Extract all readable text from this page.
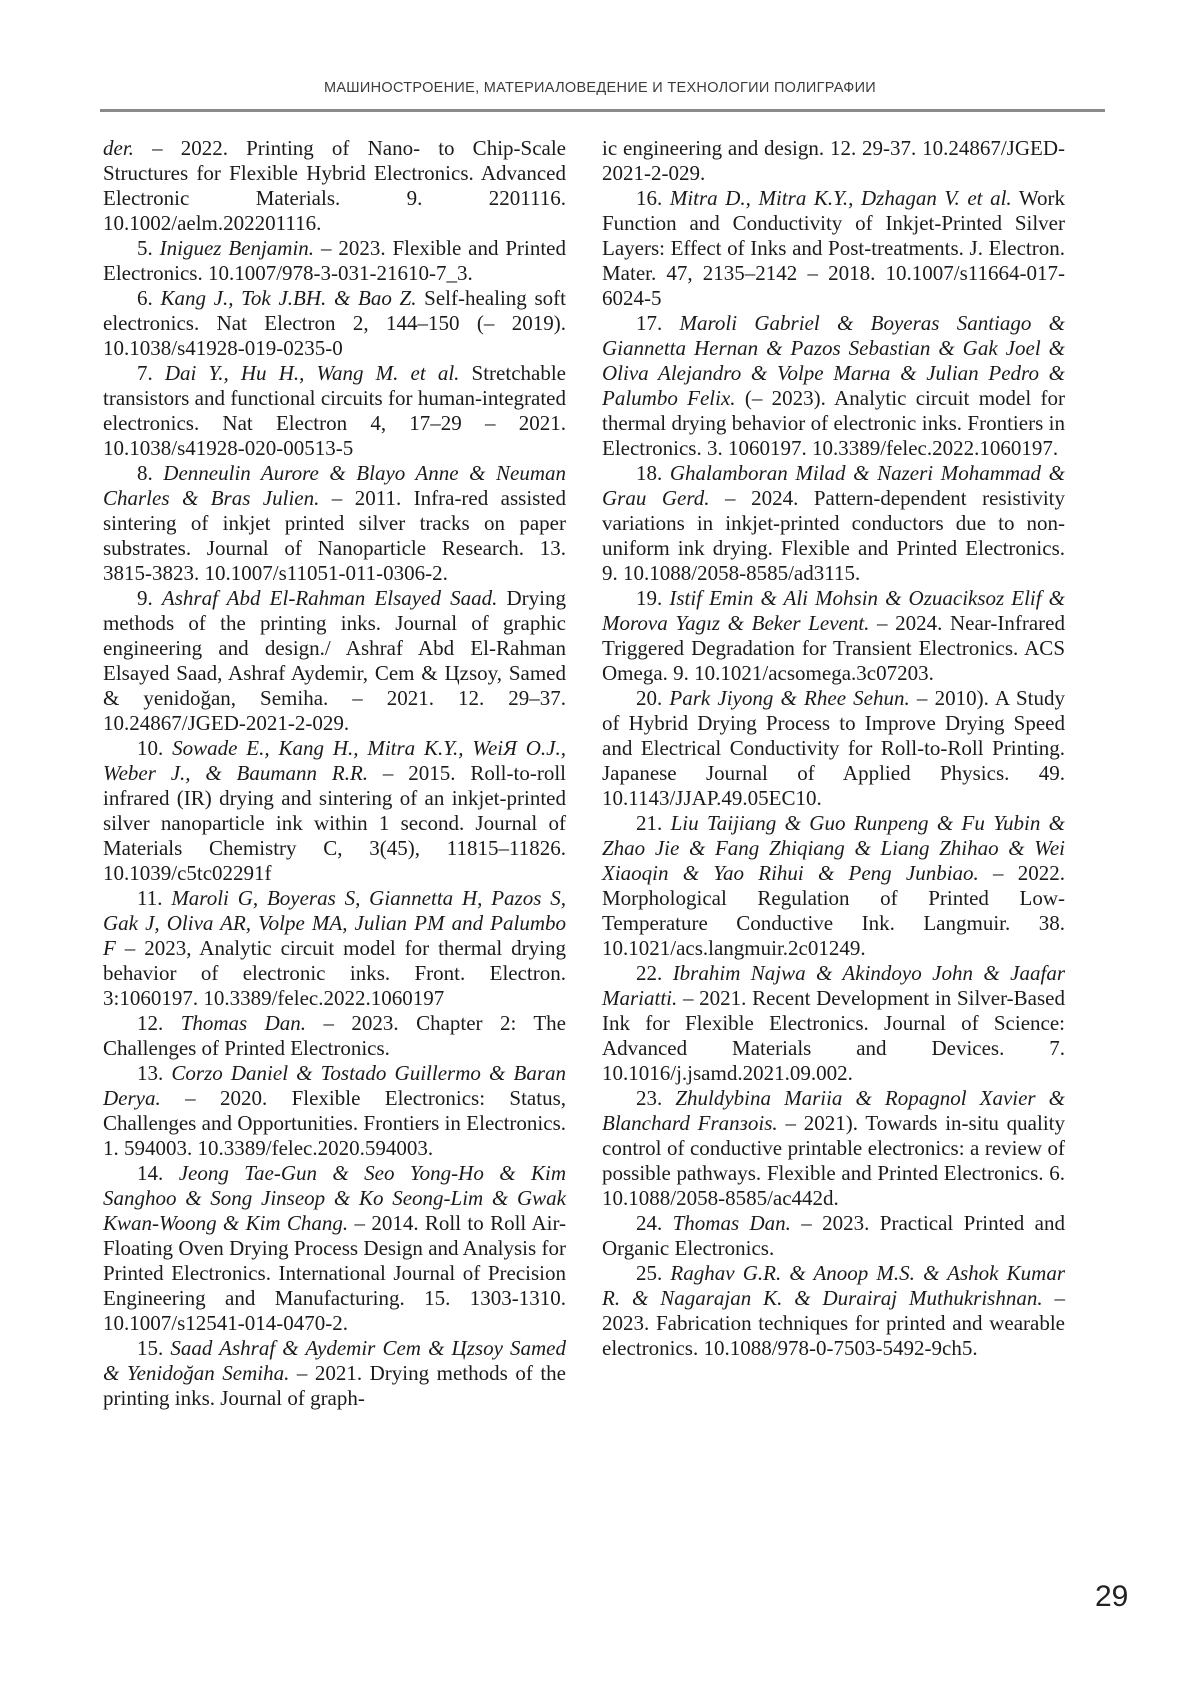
МАШИНОСТРОЕНИЕ, МАТЕРИАЛОВЕДЕНИЕ И ТЕХНОЛОГИИ ПОЛИГРАФИИ

der. – 2022. Printing of Nano- to Chip-Scale Structures for Flexible Hybrid Electronics. Advanced Electronic Materials. 9. 2201116. 10.1002/aelm.202201116.

5. Iniguez Benjamin. – 2023. Flexible and Printed Electronics. 10.1007/978-3-031-21610-7_3.

6. Kang J., Tok J.BH. & Bao Z. Self-healing soft electronics. Nat Electron 2, 144–150 (– 2019). 10.1038/s41928-019-0235-0

7. Dai Y., Hu H., Wang M. et al. Stretchable transistors and functional circuits for human-integrated electronics. Nat Electron 4, 17–29 – 2021. 10.1038/s41928-020-00513-5

8. Denneulin Aurore & Blayo Anne & Neuman Charles & Bras Julien. – 2011. Infra-red assisted sintering of inkjet printed silver tracks on paper substrates. Journal of Nanoparticle Research. 13. 3815-3823. 10.1007/s11051-011-0306-2.

9. Ashraf Abd El-Rahman Elsayed Saad. Drying methods of the printing inks. Journal of graphic engineering and design./ Ashraf Abd El-Rahman Elsayed Saad, Ashraf Aydemir, Cem & Цzsoy, Samed & yenidoğan, Semiha. – 2021. 12. 29–37. 10.24867/JGED-2021-2-029.

10. Sowade E., Kang H., Mitra K.Y., WeiЯ O.J., Weber J., & Baumann R.R. – 2015. Roll-to-roll infrared (IR) drying and sintering of an inkjet-printed silver nanoparticle ink within 1 second. Journal of Materials Chemistry C, 3(45), 11815–11826. 10.1039/c5tc02291f

11. Maroli G, Boyeras S, Giannetta H, Pazos S, Gak J, Oliva AR, Volpe MA, Julian PM and Palumbo F – 2023, Analytic circuit model for thermal drying behavior of electronic inks. Front. Electron. 3:1060197. 10.3389/felec.2022.1060197

12. Thomas Dan. – 2023. Chapter 2: The Challenges of Printed Electronics.

13. Corzo Daniel & Tostado Guillermo & Baran Derya. – 2020. Flexible Electronics: Status, Challenges and Opportunities. Frontiers in Electronics. 1. 594003. 10.3389/felec.2020.594003.

14. Jeong Tae-Gun & Seo Yong-Ho & Kim Sanghoo & Song Jinseop & Ko Seong-Lim & Gwak Kwan-Woong & Kim Chang. – 2014. Roll to Roll Air-Floating Oven Drying Process Design and Analysis for Printed Electronics. International Journal of Precision Engineering and Manufacturing. 15. 1303-1310. 10.1007/s12541-014-0470-2.

15. Saad Ashraf & Aydemir Cem & Цzsoy Samed & Yenidoğan Semiha. – 2021. Drying methods of the printing inks. Journal of graph-

ic engineering and design. 12. 29-37. 10.24867/JGED-2021-2-029.

16. Mitra D., Mitra K.Y., Dzhagan V. et al. Work Function and Conductivity of Inkjet-Printed Silver Layers: Effect of Inks and Post-treatments. J. Electron. Mater. 47, 2135–2142 – 2018. 10.1007/s11664-017-6024-5

17. Maroli Gabriel & Boyeras Santiago & Giannetta Hernan & Pazos Sebastian & Gak Joel & Oliva Alejandro & Volpe Marна & Julian Pedro & Palumbo Felix. (– 2023). Analytic circuit model for thermal drying behavior of electronic inks. Frontiers in Electronics. 3. 1060197. 10.3389/felec.2022.1060197.

18. Ghalamboran Milad & Nazeri Mohammad & Grau Gerd. – 2024. Pattern-dependent resistivity variations in inkjet-printed conductors due to non-uniform ink drying. Flexible and Printed Electronics. 9. 10.1088/2058-8585/ad3115.

19. Istif Emin & Ali Mohsin & Ozuaciksoz Elif & Morova Yagız & Beker Levent. – 2024. Near-Infrared Triggered Degradation for Transient Electronics. ACS Omega. 9. 10.1021/acsomega.3c07203.

20. Park Jiyong & Rhee Sehun. – 2010). A Study of Hybrid Drying Process to Improve Drying Speed and Electrical Conductivity for Roll-to-Roll Printing. Japanese Journal of Applied Physics. 49. 10.1143/JJAP.49.05EC10.

21. Liu Taijiang & Guo Runpeng & Fu Yubin & Zhao Jie & Fang Zhiqiang & Liang Zhihao & Wei Xiaoqin & Yao Rihui & Peng Junbiao. – 2022. Morphological Regulation of Printed Low-Temperature Conductive Ink. Langmuir. 38. 10.1021/acs.langmuir.2c01249.

22. Ibrahim Najwa & Akindoyo John & Jaafar Mariatti. – 2021. Recent Development in Silver-Based Ink for Flexible Electronics. Journal of Science: Advanced Materials and Devices. 7. 10.1016/j.jsamd.2021.09.002.

23. Zhuldybina Mariia & Ropagnol Xavier & Blanchard Franзois. – 2021). Towards in-situ quality control of conductive printable electronics: a review of possible pathways. Flexible and Printed Electronics. 6. 10.1088/2058-8585/ac442d.

24. Thomas Dan. – 2023. Practical Printed and Organic Electronics.

25. Raghav G.R. & Anoop M.S. & Ashok Kumar R. & Nagarajan K. & Durairaj Muthukrishnan. – 2023. Fabrication techniques for printed and wearable electronics. 10.1088/978-0-7503-5492-9ch5.

29
